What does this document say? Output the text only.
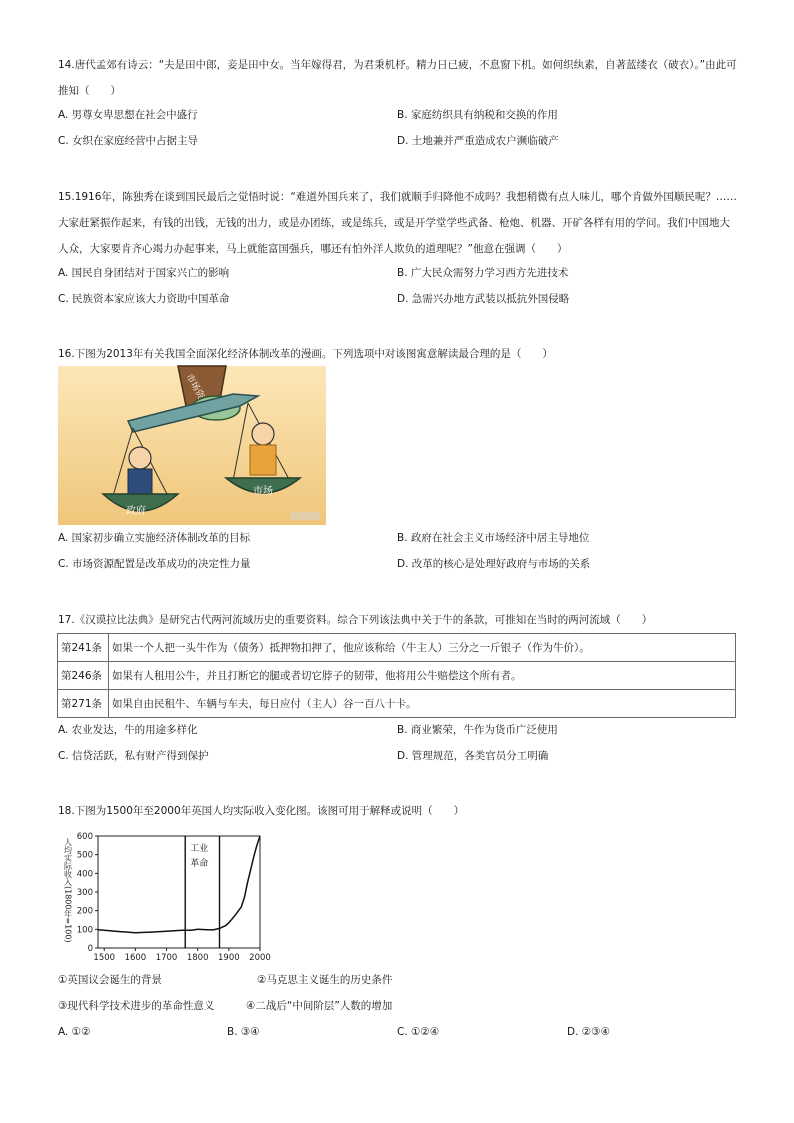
14.唐代孟郊有诗云：“夫是田中郎，妾是田中女。当年嫁得君，为君秉机杼。精力日已疲，不息窗下机。如何织纨素，自著蓝缕衣（破衣）。”由此可推知（　　）
A. 男尊女卑思想在社会中盛行	B. 家庭纺织具有纳税和交换的作用
C. 女织在家庭经营中占据主导	D. 土地兼并严重造成农户濒临破产
15.1916年，陈独秀在谈到国民最后之觉悟时说：“难道外国兵来了，我们就顺手归降他不成吗？我想稍微有点人味儿，哪个肯做外国顺民呢？……大家赶紧振作起来，有钱的出钱，无钱的出力，或是办团练，或是练兵，或是开学堂学些武备、枪炮、机器、开矿各样有用的学问。我们中国地大人众，大家要肯齐心竭力办起事来，马上就能富国强兵，哪还有怕外洋人欺负的道理呢？”他意在强调（　　）
A. 国民自身团结对于国家兴亡的影响	B. 广大民众需努力学习西方先进技术
C. 民族资本家应该大力资助中国革命	D. 急需兴办地方武装以抵抗外国侵略
16.下图为2013年有关我国全面深化经济体制改革的漫画。下列选项中对该图寓意解读最合理的是（　　）
政府
市场
A. 国家初步确立实施经济体制改革的目标	B. 政府在社会主义市场经济中居主导地位
C. 市场资源配置是改革成功的决定性力量	D. 改革的核心是处理好政府与市场的关系
17.《汉谟拉比法典》是研究古代两河流域历史的重要资料。综合下列该法典中关于牛的条款，可推知在当时的两河流域（　　）
第241条	如果一个人把一头牛作为（债务）抵押物扣押了，他应该称给（牛主人）三分之一斤银子（作为牛价）。
第246条	如果有人租用公牛，并且打断它的腿或者切它脖子的韧带，他将用公牛赔偿这个所有者。
第271条	如果自由民租牛、车辆与车夫，每日应付（主人）谷一百八十卡。
A. 农业发达，牛的用途多样化	B. 商业繁荣，牛作为货币广泛使用
C. 信贷活跃，私有财产得到保护	D. 管理规范，各类官员分工明确
18.下图为1500年至2000年英国人均实际收入变化图。该图可用于解释或说明（　　）
0
100
200
300
400
500
600
1500 1600 1700 1800 1900 2000
人均实际收入(1800年=100)	工业
革命
①英国议会诞生的背景	②马克思主义诞生的历史条件
③现代科学技术进步的革命性意义	④二战后“中间阶层”人数的增加
A. ①②	B. ③④	C. ①②④	D. ②③④
